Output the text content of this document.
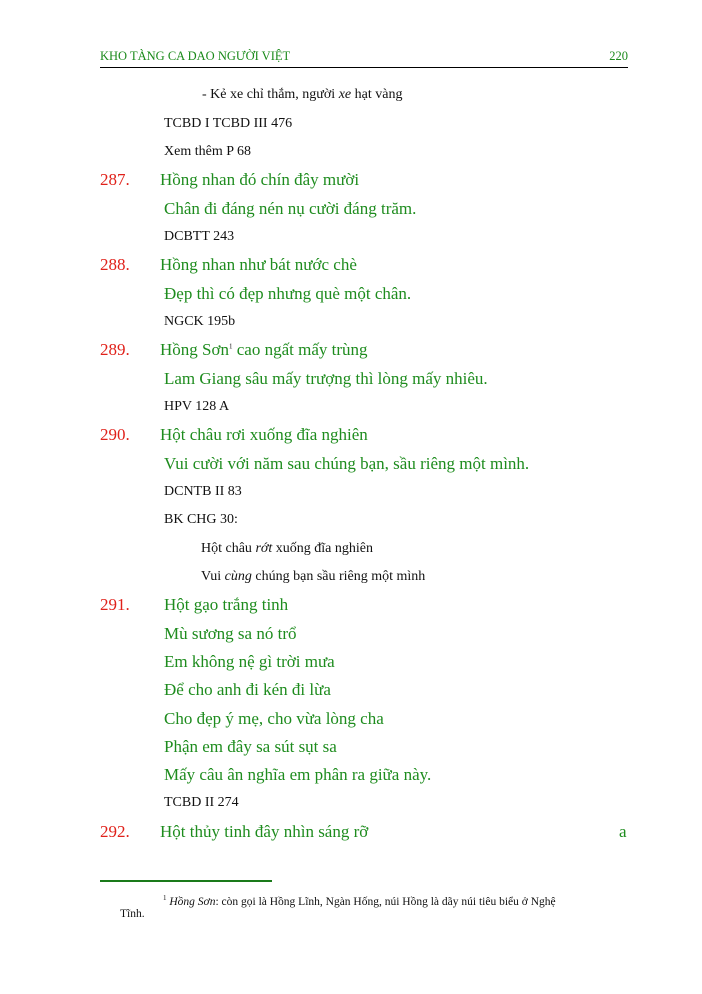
KHO TÀNG CA DAO NGƯỜI VIỆT	220
- Kẻ xe chỉ thắm, người xe hạt vàng
TCBD I TCBD III 476
Xem thêm P 68
287. Hồng nhan đó chín đây mười
Chân đi đáng nén nụ cười đáng trăm.
DCBTT 243
288. Hồng nhan như bát nước chè
Đẹp thì có đẹp nhưng què một chân.
NGCK 195b
289. Hồng Sơn$^1$ cao ngất mấy trùng
Lam Giang sâu mấy trượng thì lòng mấy nhiêu.
HPV 128 A
290. Hột châu rơi xuống đĩa nghiên
Vui cười với năm sau chúng bạn, sầu riêng một mình.
DCNTB II 83
BK CHG 30:
Hột châu rớt xuống đĩa nghiên
Vui cùng chúng bạn sầu riêng một mình
291. Hột gạo trắng tinh
Mù sương sa nó trổ
Em không nệ gì trời mưa
Để cho anh đi kén đi lừa
Cho đẹp ý mẹ, cho vừa lòng cha
Phận em đây sa sút sụt sa
Mấy câu ân nghĩa em phân ra giữa này.
TCBD II 274
292. Hột thủy tinh đây nhìn sáng rỡ	a
$^1$ Hồng Sơn: còn gọi là Hồng Lĩnh, Ngàn Hống, núi Hồng là dãy núi tiêu biểu ở Nghệ
Tĩnh.
